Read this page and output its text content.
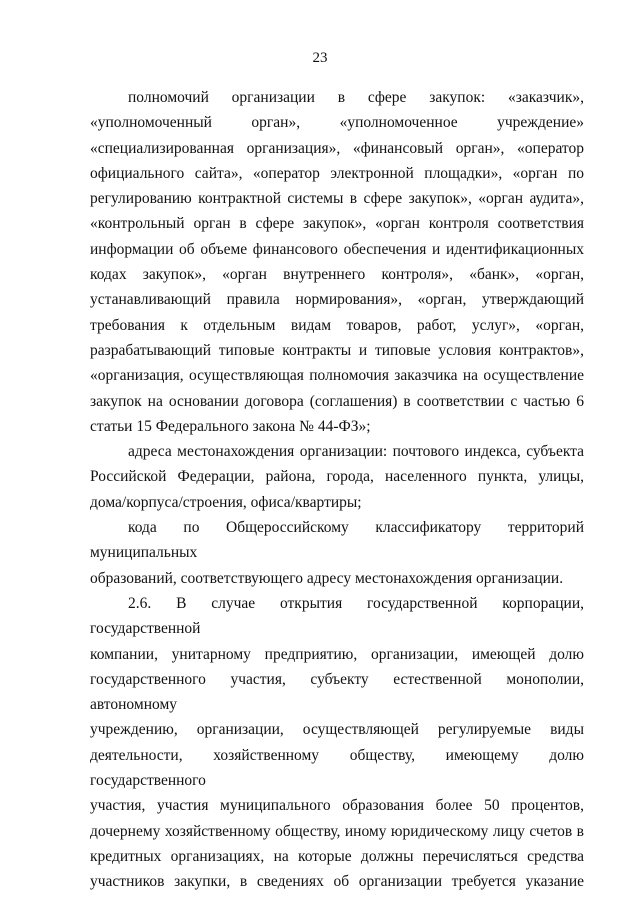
23

полномочий организации в сфере закупок: «заказчик»,

«уполномоченный орган», «уполномоченное учреждение»

«специализированная организация», «финансовый орган», «оператор

официального сайта», «оператор электронной площадки», «орган по

регулированию контрактной системы в сфере закупок», «орган аудита»,

«контрольный орган в сфере закупок», «орган контроля соответствия

информации об объеме финансового обеспечения и идентификационных

кодах закупок», «орган внутреннего контроля», «банк», «орган,

устанавливающий правила нормирования», «орган, утверждающий

требования к отдельным видам товаров, работ, услуг», «орган,

разрабатывающий типовые контракты и типовые условия контрактов»,

«организация, осуществляющая полномочия заказчика на осуществление

закупок на основании договора (соглашения) в соответствии с частью 6

статьи 15 Федерального закона № 44-ФЗ»;

адреса местонахождения организации: почтового индекса, субъекта

Российской Федерации, района, города, населенного пункта, улицы,

дома/корпуса/строения, офиса/квартиры;

кода по Общероссийскому классификатору территорий муниципальных

образований, соответствующего адресу местонахождения организации.

2.6. В случае открытия государственной корпорации, государственной

компании, унитарному предприятию, организации, имеющей долю

государственного участия, субъекту естественной монополии, автономному

учреждению, организации, осуществляющей регулируемые виды

деятельности, хозяйственному обществу, имеющему долю государственного

участия, участия муниципального образования более 50 процентов,

дочернему хозяйственному обществу, иному юридическому лицу счетов в

кредитных организациях, на которые должны перечисляться средства

участников закупки, в сведениях об организации требуется указание
